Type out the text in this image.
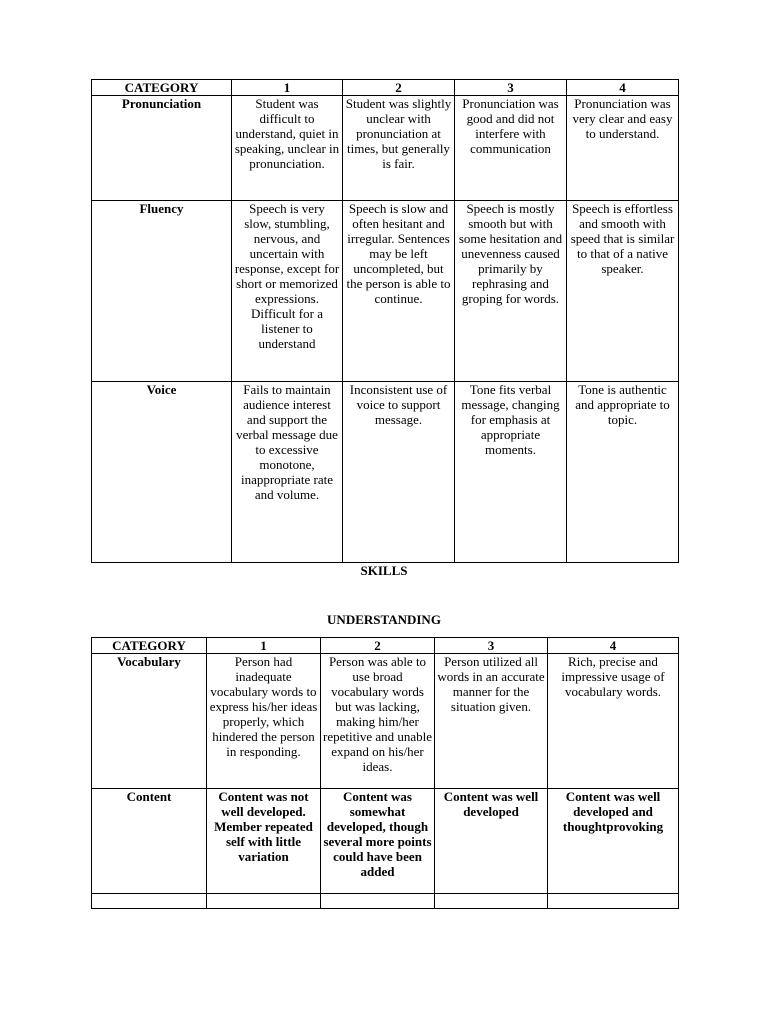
CATEGORY	1	2	3	4
Pronunciation	Student was difficult to understand, quiet in speaking, unclear in pronunciation.	Student was slightly unclear with pronunciation at times, but generally is fair.	Pronunciation was good and did not interfere with communication	Pronunciation was very clear and easy to understand.
Fluency	Speech is very slow, stumbling, nervous, and uncertain with response, except for short or memorized expressions. Difficult for a listener to understand	Speech is slow and often hesitant and irregular. Sentences may be left uncompleted, but the person is able to continue.	Speech is mostly smooth but with some hesitation and unevenness caused primarily by rephrasing and groping for words.	Speech is effortless and smooth with speed that is similar to that of a native speaker.
Voice	Fails to maintain audience interest and support the verbal message due to excessive monotone, inappropriate rate and volume.	Inconsistent use of voice to support message.	Tone fits verbal message, changing for emphasis at appropriate moments.	Tone is authentic and appropriate to topic.
SKILLS
UNDERSTANDING
CATEGORY	1	2	3	4
Vocabulary	Person had inadequate vocabulary words to express his/her ideas properly, which hindered the person in responding.	Person was able to use broad vocabulary words but was lacking, making him/her repetitive and unable expand on his/her ideas.	Person utilized all words in an accurate manner for the situation given.	Rich, precise and impressive usage of vocabulary words.
Content	Content was not well developed. Member repeated self with little variation	Content was somewhat developed, though several more points could have been added	Content was well developed	Content was well developed and thoughtprovoking
